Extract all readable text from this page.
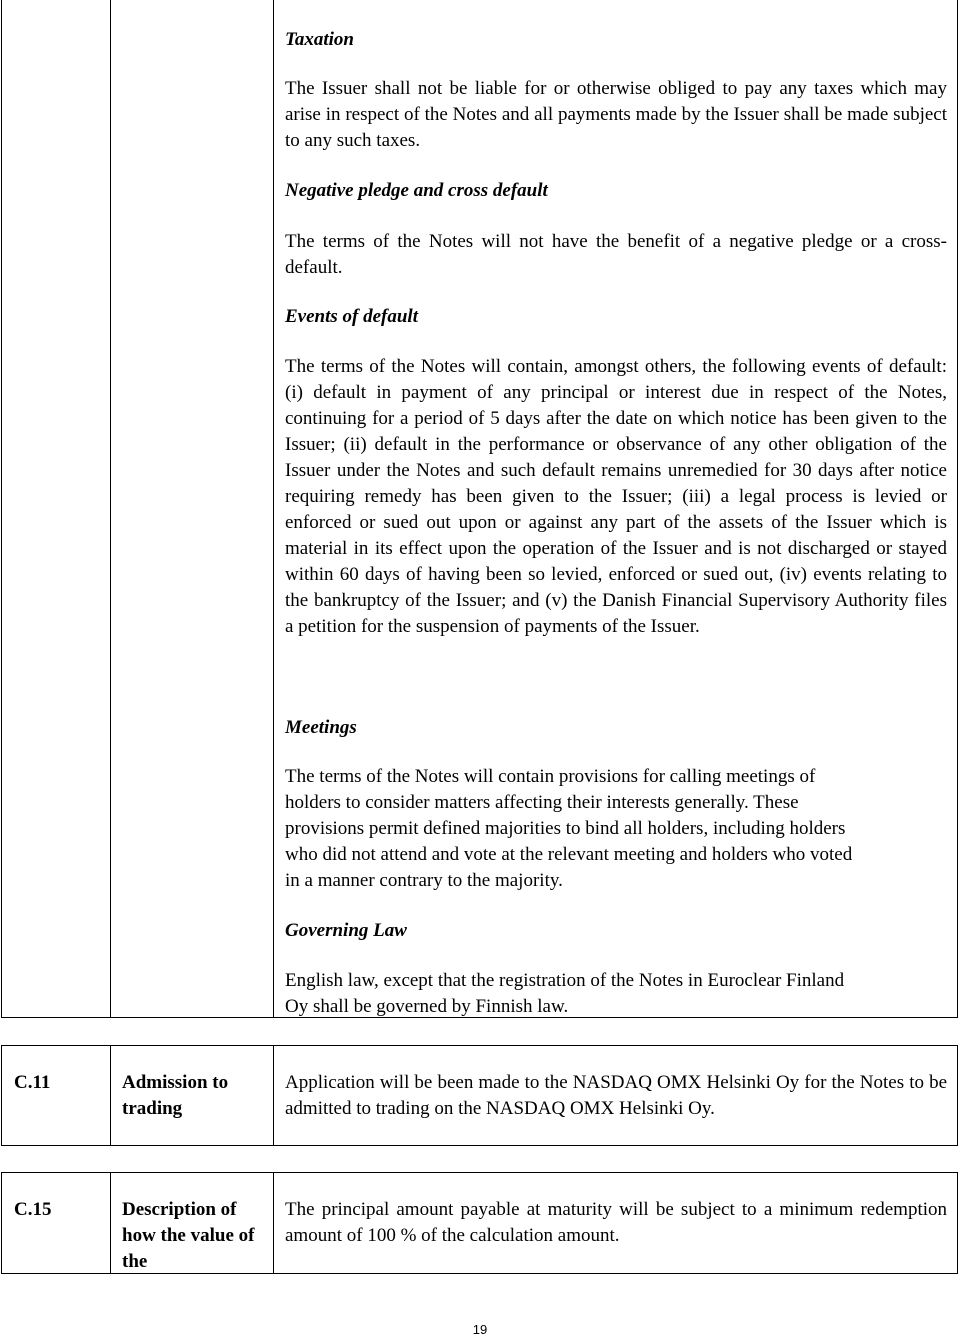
Taxation

The Issuer shall not be liable for or otherwise obliged to pay any taxes which may arise in respect of the Notes and all payments made by the Issuer shall be made subject to any such taxes.

Negative pledge and cross default

The terms of the Notes will not have the benefit of a negative pledge or a cross-default.

Events of default

The terms of the Notes will contain, amongst others, the following events of default: (i) default in payment of any principal or interest due in respect of the Notes, continuing for a period of 5 days after the date on which notice has been given to the Issuer; (ii) default in the performance or observance of any other obligation of the Issuer under the Notes and such default remains unremedied for 30 days after notice requiring remedy has been given to the Issuer; (iii) a legal process is levied or enforced or sued out upon or against any part of the assets of the Issuer which is material in its effect upon the operation of the Issuer and is not discharged or stayed within 60 days of having been so levied, enforced or sued out, (iv) events relating to the bankruptcy of the Issuer; and (v) the Danish Financial Supervisory Authority files a petition for the suspension of payments of the Issuer.

Meetings

The terms of the Notes will contain provisions for calling meetings of
holders to consider matters affecting their interests generally. These
provisions permit defined majorities to bind all holders, including holders
who did not attend and vote at the relevant meeting and holders who voted
in a manner contrary to the majority.

Governing Law

English law, except that the registration of the Notes in Euroclear Finland
Oy shall be governed by Finnish law.
C.11	Admission to trading
Application will be been made to the NASDAQ OMX Helsinki Oy for the Notes to be admitted to trading on the NASDAQ OMX Helsinki Oy.
C.15	Description of how the value of the
The principal amount payable at maturity will be subject to a minimum redemption amount of 100 % of the calculation amount.
19
